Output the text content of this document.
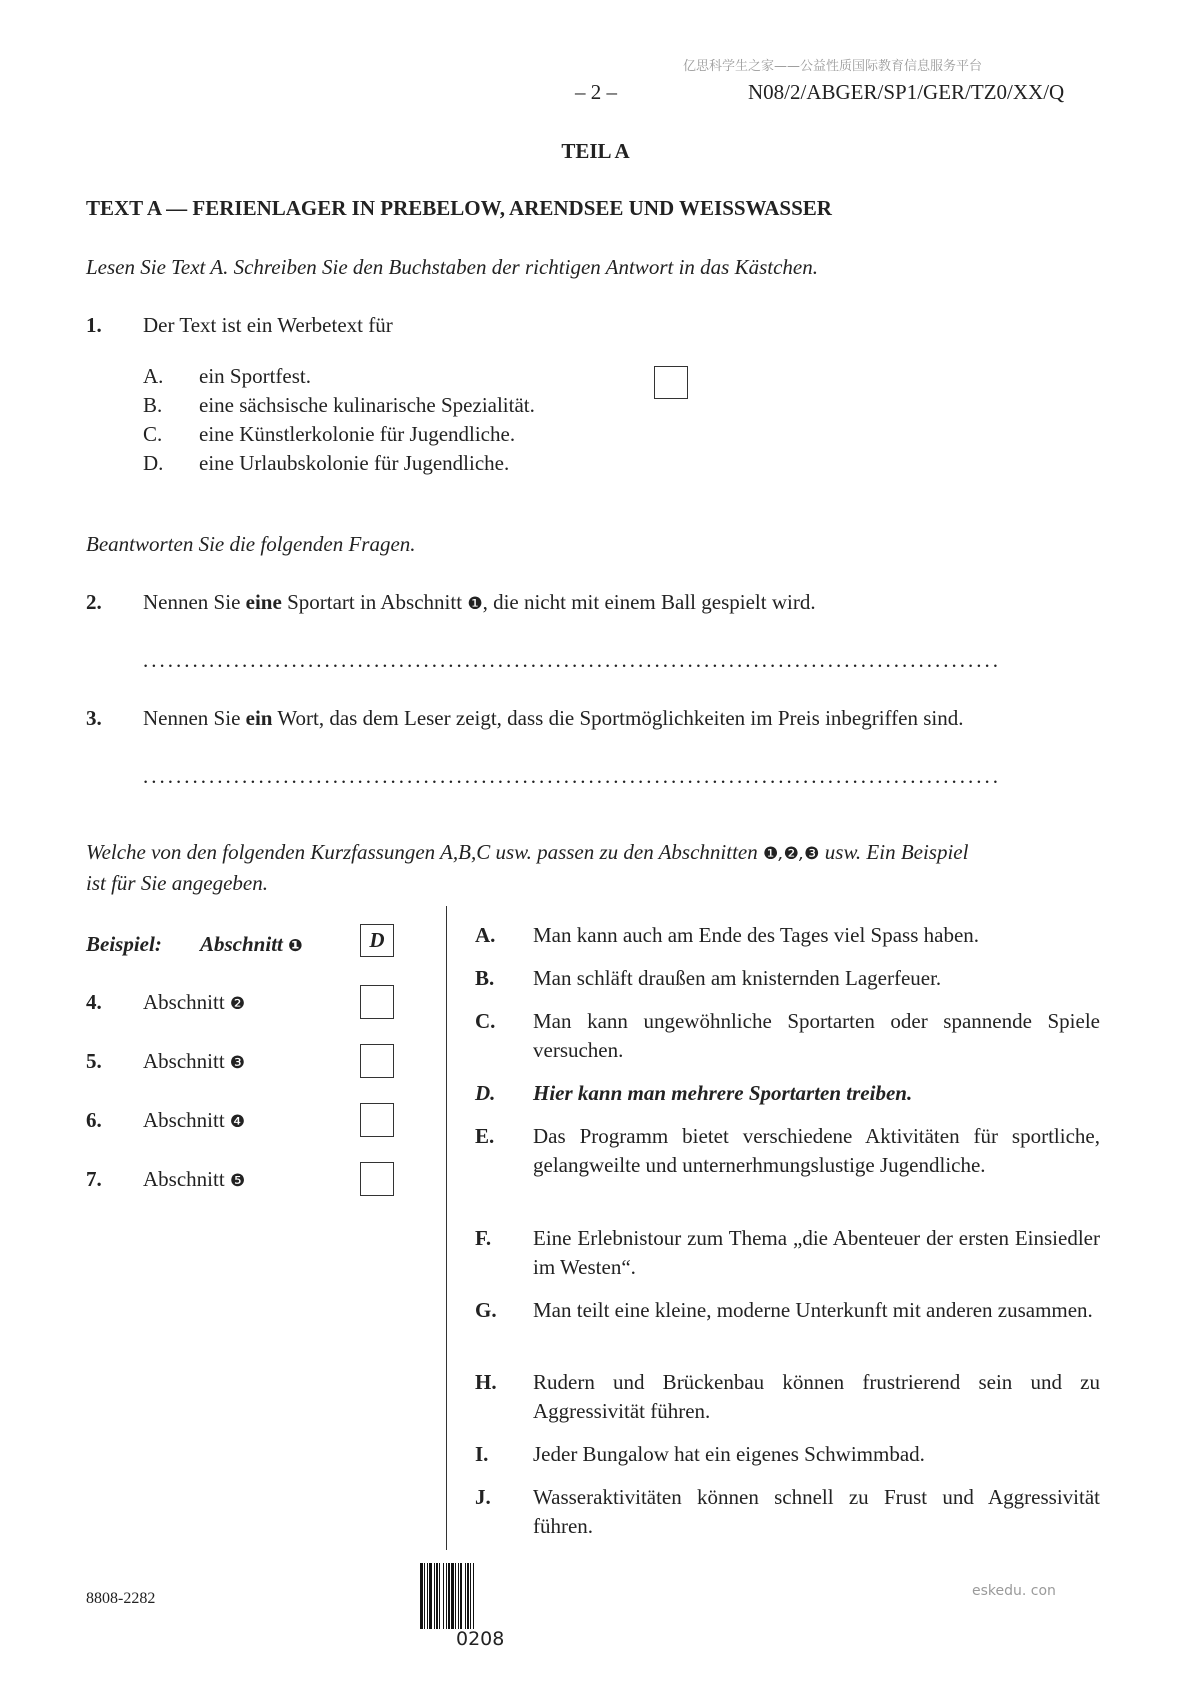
亿思科学生之家——公益性质国际教育信息服务平台
– 2 –	N08/2/ABGER/SP1/GER/TZ0/XX/Q
TEIL A
TEXT A — FERIENLAGER IN PREBELOW, ARENDSEE UND WEISSWASSER
Lesen Sie Text A. Schreiben Sie den Buchstaben der richtigen Antwort in das Kästchen.
1. Der Text ist ein Werbetext für
A. ein Sportfest.
B. eine sächsische kulinarische Spezialität.
C. eine Künstlerkolonie für Jugendliche.
D. eine Urlaubskolonie für Jugendliche.
Beantworten Sie die folgenden Fragen.
2. Nennen Sie eine Sportart in Abschnitt ❶, die nicht mit einem Ball gespielt wird.
........................................................................................................
3. Nennen Sie ein Wort, das dem Leser zeigt, dass die Sportmöglichkeiten im Preis inbegriffen sind.
........................................................................................................
Welche von den folgenden Kurzfassungen A,B,C usw. passen zu den Abschnitten ❶,❷,❸ usw. Ein Beispiel
ist für Sie angegeben.
Beispiel: Abschnitt ❶	D
4. Abschnitt ❷
5. Abschnitt ❸
6. Abschnitt ❹
7. Abschnitt ❺
A. Man kann auch am Ende des Tages viel Spass haben.
B. Man schläft draußen am knisternden Lagerfeuer.
C. Man kann ungewöhnliche Sportarten oder spannende Spiele versuchen.
D. Hier kann man mehrere Sportarten treiben.
E. Das Programm bietet verschiedene Aktivitäten für sportliche, gelangweilte und unternerhmungslustige Jugendliche.
F. Eine Erlebnistour zum Thema „die Abenteuer der ersten Einsiedler im Westen“.
G. Man teilt eine kleine, moderne Unterkunft mit anderen zusammen.
H. Rudern und Brückenbau können frustrierend sein und zu Aggressivität führen.
I. Jeder Bungalow hat ein eigenes Schwimmbad.
J. Wasseraktivitäten können schnell zu Frust und Aggressivität führen.
8808-2282
0208
eskedu. con
